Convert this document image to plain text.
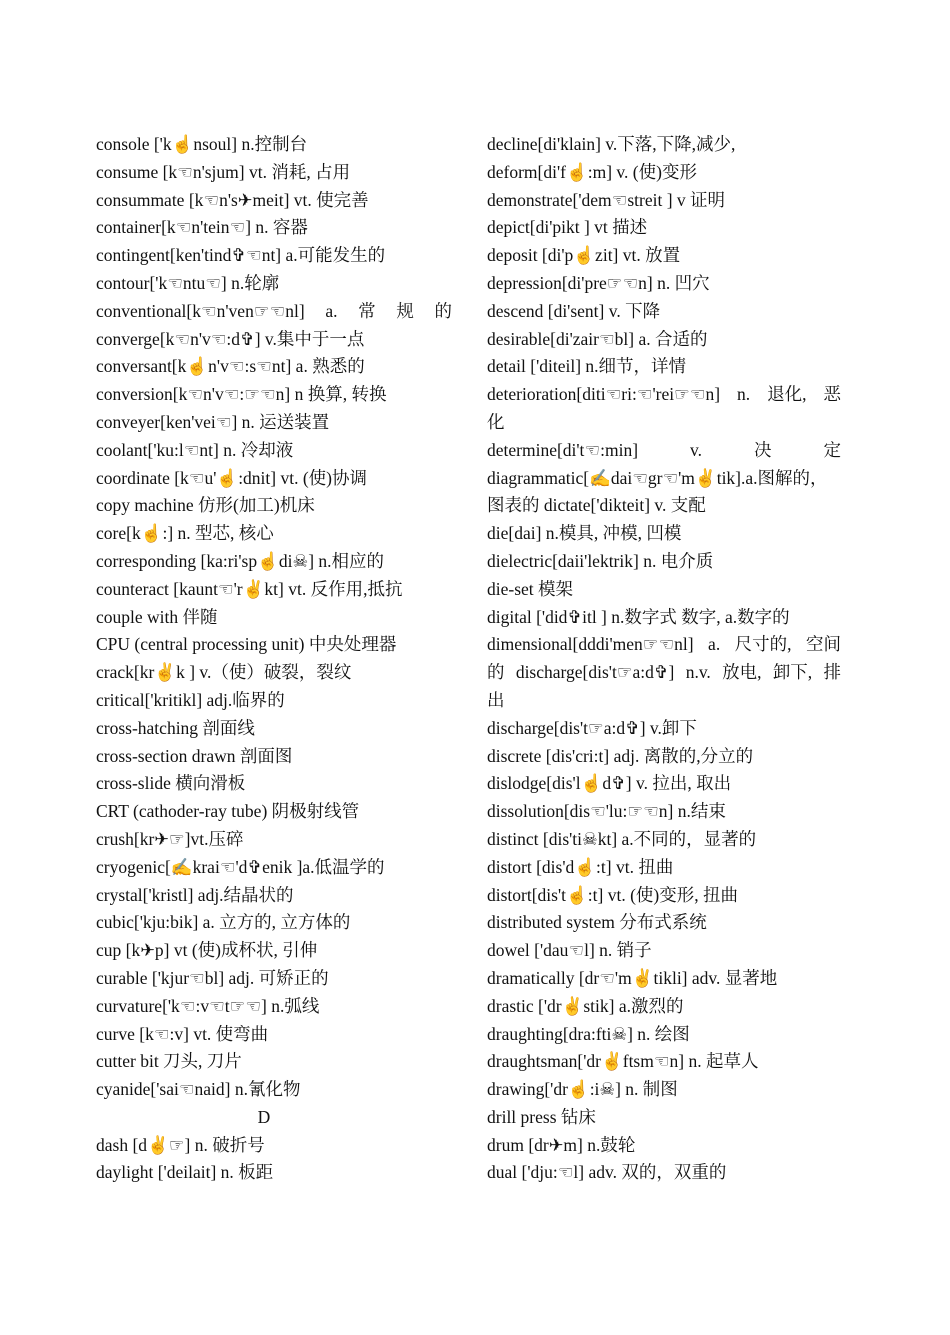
console ['k☝nsoul] n.控制台
consume [k☜n'sjum] vt. 消耗, 占用
consummate [k☜n's✈meit] vt. 使完善
container[k☜n'tein☜] n. 容器
contingent[ken'tind✞☜nt] a.可能发生的
contour['k☜ntu☜] n.轮廓
conventional[k☜n'ven☞☜nl] a. 常 规 的
converge[k☜n'v☜:d✞] v.集中于一点
conversant[k☝n'v☜:s☜nt] a. 熟悉的
conversion[k☜n'v☜:☞☜n] n 换算, 转换
conveyer[ken'vei☜] n. 运送装置
coolant['ku:l☜nt] n. 冷却液
coordinate [k☜u'☝:dnit] vt. (使)协调
copy machine 仿形(加工)机床
core[k☝:] n. 型芯, 核心
corresponding [ka:ri'sp☝di☠] n.相应的
counteract [kaunt☜'r✌kt] vt. 反作用,抵抗
couple with 伴随
CPU (central processing unit) 中央处理器
crack[kr✌k ] v.（使）破裂，裂纹
critical['kritikl] adj.临界的
cross-hatching 剖面线
cross-section drawn 剖面图
cross-slide 横向滑板
CRT (cathoder-ray tube) 阴极射线管
crush[kr✈☞]vt.压碎
cryogenic[✍krai☜'d✞enik ]a.低温学的
crystal['kristl] adj.结晶状的
cubic['kju:bik] a. 立方的, 立方体的
cup [k✈p] vt (使)成杯状, 引伸
curable ['kjur☜bl] adj. 可矫正的
curvature['k☜:v☜t☞☜] n.弧线
curve [k☜:v] vt. 使弯曲
cutter bit 刀头, 刀片
cyanide['sai☜naid] n.氰化物
D
dash [d✌☞] n. 破折号
daylight ['deilait] n. 板距
decline[di'klain] v.下落,下降,减少,
deform[di'f☝:m] v. (使)变形
demonstrate['dem☜streit ] v 证明
depict[di'pikt ] vt 描述
deposit [di'p☝zit] vt. 放置
depression[di'pre☞☜n] n. 凹穴
descend [di'sent] v. 下降
desirable[di'zair☜bl] a. 合适的
detail ['diteil] n.细节，详情
deterioration[diti☜ri:☜'rei☞☜n] n. 退化, 恶
化
determine[di't☜:min]	v.	决	定
diagrammatic[✍dai☜gr☜'m✌tik].a.图解的，
图表的 dictate['dikteit] v. 支配
die[dai] n.模具, 冲模, 凹模
dielectric[daii'lektrik] n. 电介质
die-set 模架
digital ['did✞itl ] n.数字式 数字, a.数字的
dimensional[dddi'men☞☜nl] a. 尺寸的, 空间
的 discharge[dis't☞a:d✞] n.v. 放电, 卸下, 排
出
discharge[dis't☞a:d✞] v.卸下
discrete [dis'cri:t] adj. 离散的,分立的
dislodge[dis'l☝d✞] v. 拉出, 取出
dissolution[dis☜'lu:☞☜n] n.结束
distinct [dis'ti☠kt] a.不同的，显著的
distort [dis'd☝:t] vt. 扭曲
distort[dis't☝:t] vt. (使)变形, 扭曲
distributed system 分布式系统
dowel ['dau☜l] n. 销子
dramatically [dr☜'m✌tikli] adv. 显著地
drastic ['dr✌stik] a.激烈的
draughting[dra:fti☠] n. 绘图
draughtsman['dr✌ftsm☜n] n. 起草人
drawing['dr☝:i☠] n. 制图
drill press 钻床
drum [dr✈m] n.鼓轮
dual ['dju:☜l] adv. 双的，双重的
